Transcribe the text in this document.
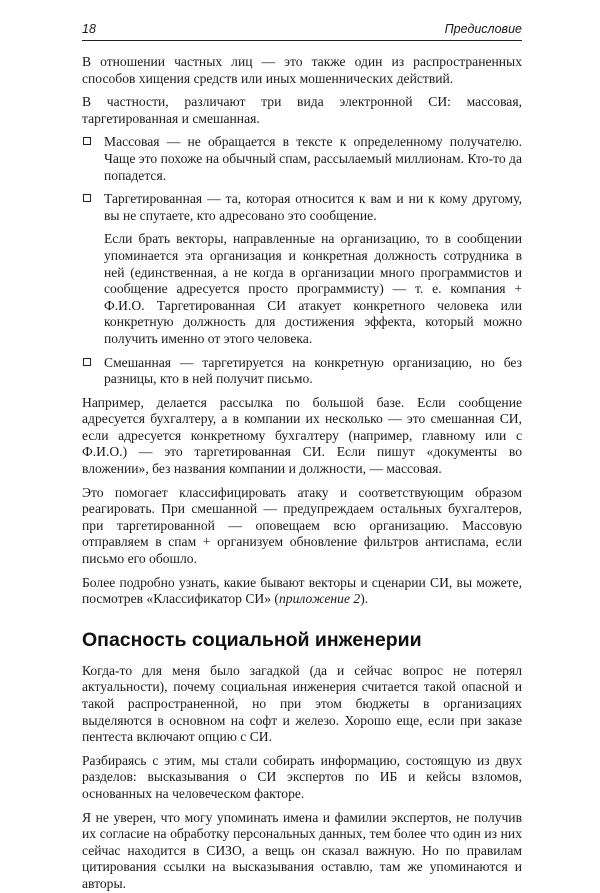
18	Предисловие

В отношении частных лиц — это также один из распространенных способов хищения средств или иных мошеннических действий.

В частности, различают три вида электронной СИ: массовая, таргетированная и смешанная.

Массовая — не обращается в тексте к определенному получателю. Чаще это похоже на обычный спам, рассылаемый миллионам. Кто-то да попадется.
Таргетированная — та, которая относится к вам и ни к кому другому, вы не спутаете, кто адресовано это сообщение.

Если брать векторы, направленные на организацию, то в сообщении упоминается эта организация и конкретная должность сотрудника в ней (единственная, а не когда в организации много программистов и сообщение адресуется просто программисту) — т. е. компания + Ф.И.О. Таргетированная СИ атакует конкретного человека или конкретную должность для достижения эффекта, который можно получить именно от этого человека.

Смешанная — таргетируется на конкретную организацию, но без разницы, кто в ней получит письмо.

Например, делается рассылка по большой базе. Если сообщение адресуется бухгалтеру, а в компании их несколько — это смешанная СИ, если адресуется конкретному бухгалтеру (например, главному или с Ф.И.О.) — это таргетированная СИ. Если пишут «документы во вложении», без названия компании и должности, — массовая.

Это помогает классифицировать атаку и соответствующим образом реагировать. При смешанной — предупреждаем остальных бухгалтеров, при таргетированной — оповещаем всю организацию. Массовую отправляем в спам + организуем обновление фильтров антиспама, если письмо его обошло.

Более подробно узнать, какие бывают векторы и сценарии СИ, вы можете, посмотрев «Классификатор СИ» (приложение 2).

Опасность социальной инженерии

Когда-то для меня было загадкой (да и сейчас вопрос не потерял актуальности), почему социальная инженерия считается такой опасной и такой распространенной, но при этом бюджеты в организациях выделяются в основном на софт и железо. Хорошо еще, если при заказе пентеста включают опцию с СИ.

Разбираясь с этим, мы стали собирать информацию, состоящую из двух разделов: высказывания о СИ экспертов по ИБ и кейсы взломов, основанных на человеческом факторе.

Я не уверен, что могу упоминать имена и фамилии экспертов, не получив их согласие на обработку персональных данных, тем более что один из них сейчас находится в СИЗО, а вещь он сказал важную. Но по правилам цитирования ссылки на высказывания оставлю, там же упоминаются и авторы.
